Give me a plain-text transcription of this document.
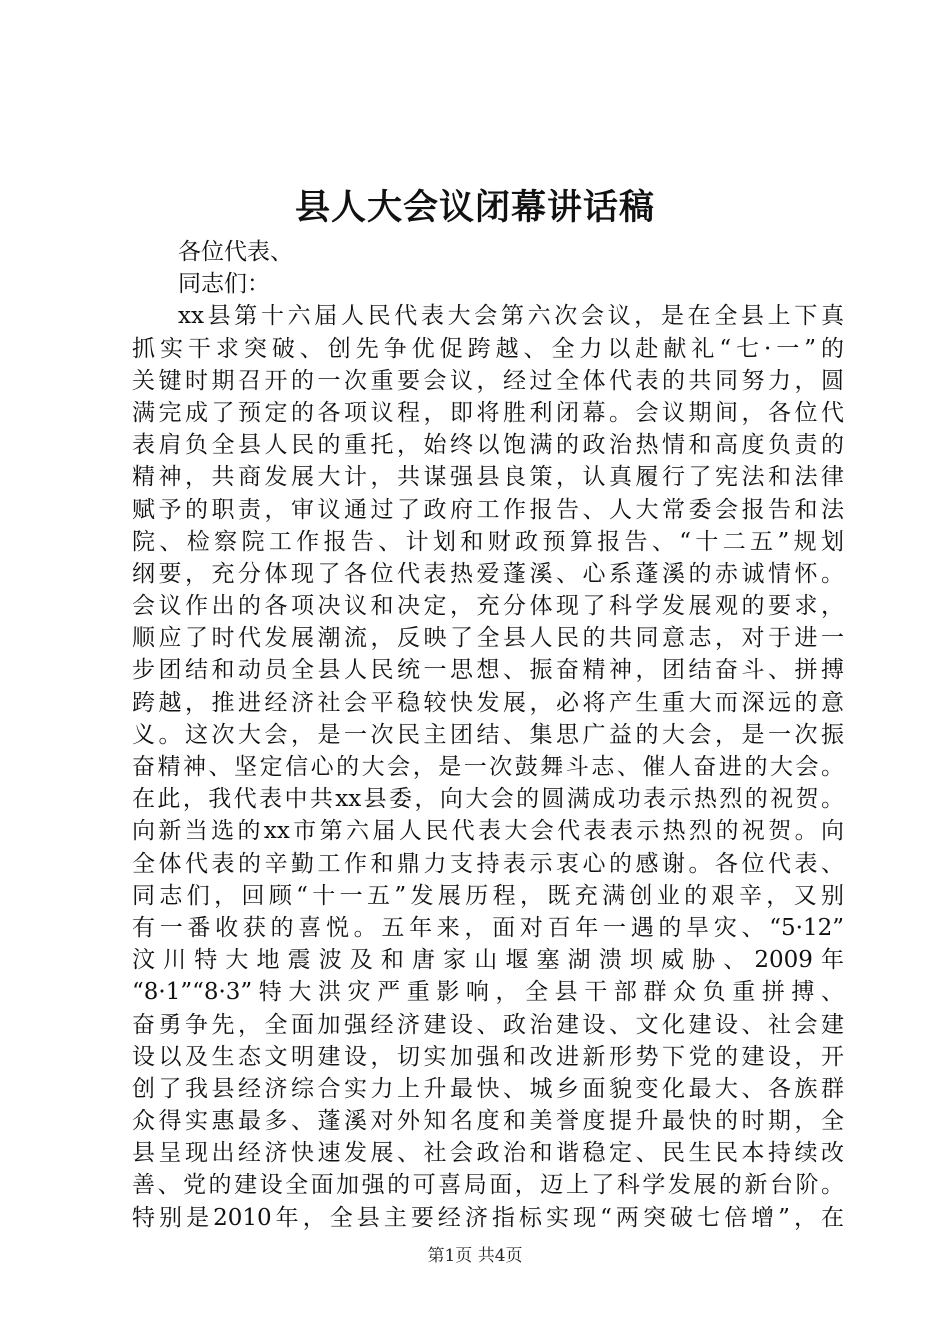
县人大会议闭幕讲话稿
各位代表、
同志们：
xx县第十六届人民代表大会第六次会议，是在全县上下真
抓实干求突破、创先争优促跨越、全力以赴献礼“七·一”的
关键时期召开的一次重要会议，经过全体代表的共同努力，圆
满完成了预定的各项议程，即将胜利闭幕。会议期间，各位代
表肩负全县人民的重托，始终以饱满的政治热情和高度负责的
精神，共商发展大计，共谋强县良策，认真履行了宪法和法律
赋予的职责，审议通过了政府工作报告、人大常委会报告和法
院、检察院工作报告、计划和财政预算报告、“十二五”规划
纲要，充分体现了各位代表热爱蓬溪、心系蓬溪的赤诚情怀。
会议作出的各项决议和决定，充分体现了科学发展观的要求，
顺应了时代发展潮流，反映了全县人民的共同意志，对于进一
步团结和动员全县人民统一思想、振奋精神，团结奋斗、拼搏
跨越，推进经济社会平稳较快发展，必将产生重大而深远的意
义。这次大会，是一次民主团结、集思广益的大会，是一次振
奋精神、坚定信心的大会，是一次鼓舞斗志、催人奋进的大会。
在此，我代表中共xx县委，向大会的圆满成功表示热烈的祝贺。
向新当选的xx市第六届人民代表大会代表表示热烈的祝贺。向
全体代表的辛勤工作和鼎力支持表示衷心的感谢。各位代表、
同志们，回顾“十一五”发展历程，既充满创业的艰辛，又别
有一番收获的喜悦。五年来，面对百年一遇的旱灾、“5·12”
汶川特大地震波及和唐家山堰塞湖溃坝威胁、2009年
“8·1”“8·3”特大洪灾严重影响，全县干部群众负重拼搏、
奋勇争先，全面加强经济建设、政治建设、文化建设、社会建
设以及生态文明建设，切实加强和改进新形势下党的建设，开
创了我县经济综合实力上升最快、城乡面貌变化最大、各族群
众得实惠最多、蓬溪对外知名度和美誉度提升最快的时期，全
县呈现出经济快速发展、社会政治和谐稳定、民生民本持续改
善、党的建设全面加强的可喜局面，迈上了科学发展的新台阶。
特别是2010年，全县主要经济指标实现“两突破七倍增”，在
第1页 共4页
